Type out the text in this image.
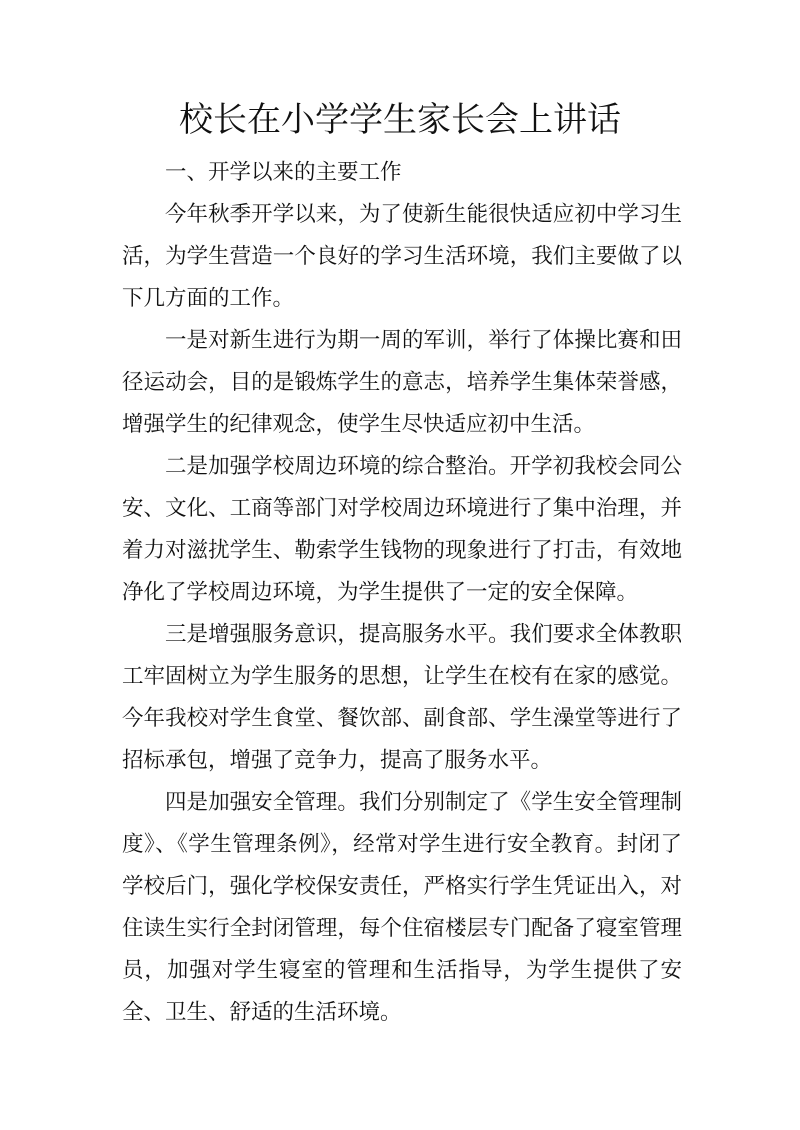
校长在小学学生家长会上讲话

一、开学以来的主要工作

今年秋季开学以来，为了使新生能很快适应初中学习生活，为学生营造一个良好的学习生活环境，我们主要做了以下几方面的工作。

一是对新生进行为期一周的军训，举行了体操比赛和田径运动会，目的是锻炼学生的意志，培养学生集体荣誉感，增强学生的纪律观念，使学生尽快适应初中生活。

二是加强学校周边环境的综合整治。开学初我校会同公安、文化、工商等部门对学校周边环境进行了集中治理，并着力对滋扰学生、勒索学生钱物的现象进行了打击，有效地净化了学校周边环境，为学生提供了一定的安全保障。

三是增强服务意识，提高服务水平。我们要求全体教职工牢固树立为学生服务的思想，让学生在校有在家的感觉。今年我校对学生食堂、餐饮部、副食部、学生澡堂等进行了招标承包，增强了竞争力，提高了服务水平。

四是加强安全管理。我们分别制定了《学生安全管理制度》、《学生管理条例》，经常对学生进行安全教育。封闭了学校后门，强化学校保安责任，严格实行学生凭证出入，对住读生实行全封闭管理，每个住宿楼层专门配备了寝室管理员，加强对学生寝室的管理和生活指导，为学生提供了安全、卫生、舒适的生活环境。
